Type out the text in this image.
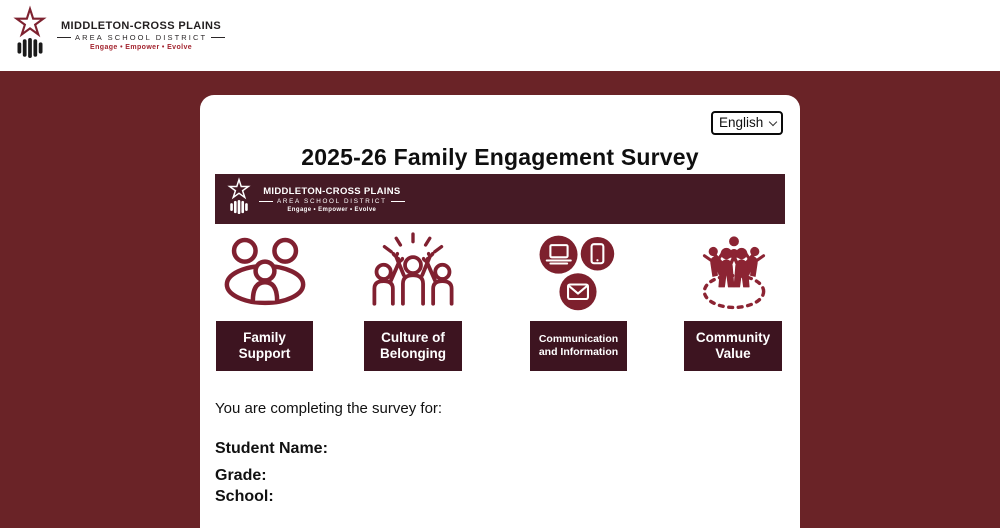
MIDDLETON-CROSS PLAINS
AREA SCHOOL DISTRICT
Engage • Empower • Evolve
English
2025-26 Family Engagement Survey
MIDDLETON-CROSS PLAINS
AREA SCHOOL DISTRICT
Engage • Empower • Evolve
Family Support
Culture of Belonging
Communication and Information
Community Value

You are completing the survey for:

Student Name:
Grade:
School:
